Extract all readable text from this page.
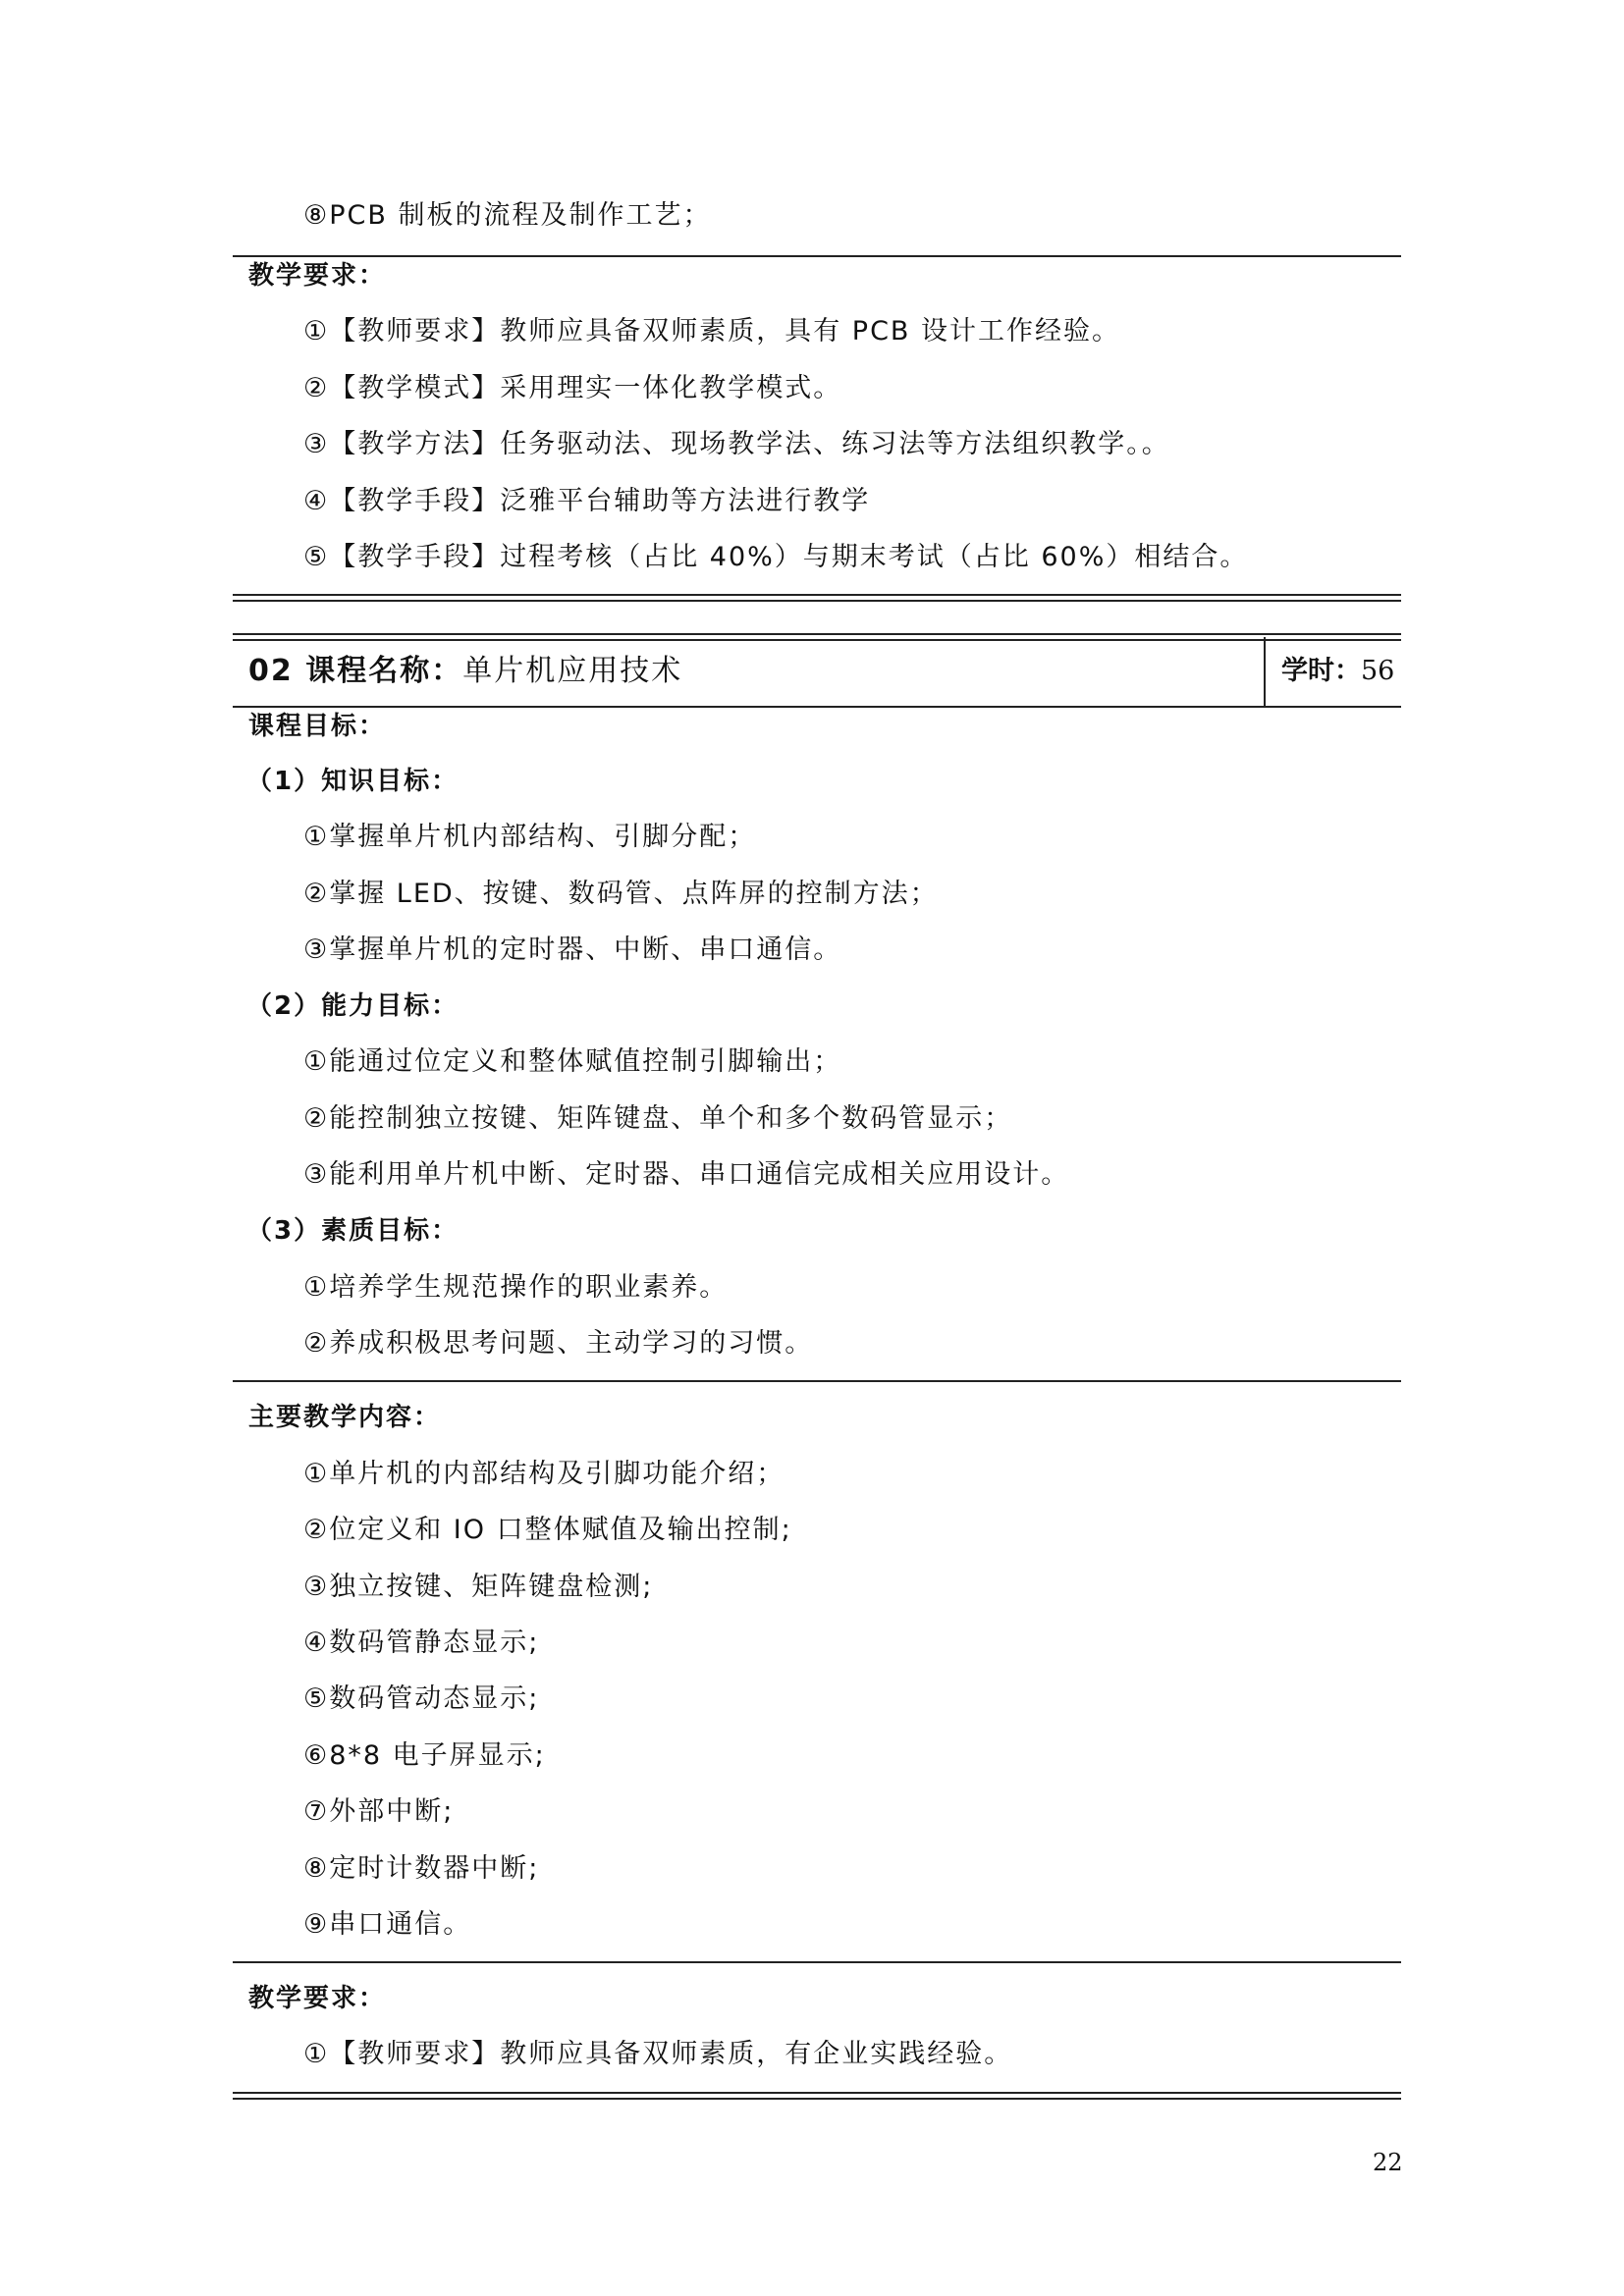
⑧PCB 制板的流程及制作工艺；
教学要求：
①【教师要求】教师应具备双师素质，具有 PCB 设计工作经验。
②【教学模式】采用理实一体化教学模式。
③【教学方法】任务驱动法、现场教学法、练习法等方法组织教学。。
④【教学手段】泛雅平台辅助等方法进行教学
⑤【教学手段】过程考核（占比 40%）与期末考试（占比 60%）相结合。
02 课程名称：单片机应用技术	学时：56
课程目标：
（1）知识目标：
①掌握单片机内部结构、引脚分配；
②掌握 LED、按键、数码管、点阵屏的控制方法；
③掌握单片机的定时器、中断、串口通信。
（2）能力目标：
①能通过位定义和整体赋值控制引脚输出；
②能控制独立按键、矩阵键盘、单个和多个数码管显示；
③能利用单片机中断、定时器、串口通信完成相关应用设计。
（3）素质目标：
①培养学生规范操作的职业素养。
②养成积极思考问题、主动学习的习惯。
主要教学内容：
①单片机的内部结构及引脚功能介绍；
②位定义和 IO 口整体赋值及输出控制;
③独立按键、矩阵键盘检测;
④数码管静态显示;
⑤数码管动态显示;
⑥8*8 电子屏显示;
⑦外部中断;
⑧定时计数器中断;
⑨串口通信。
教学要求：
①【教师要求】教师应具备双师素质，有企业实践经验。
22
